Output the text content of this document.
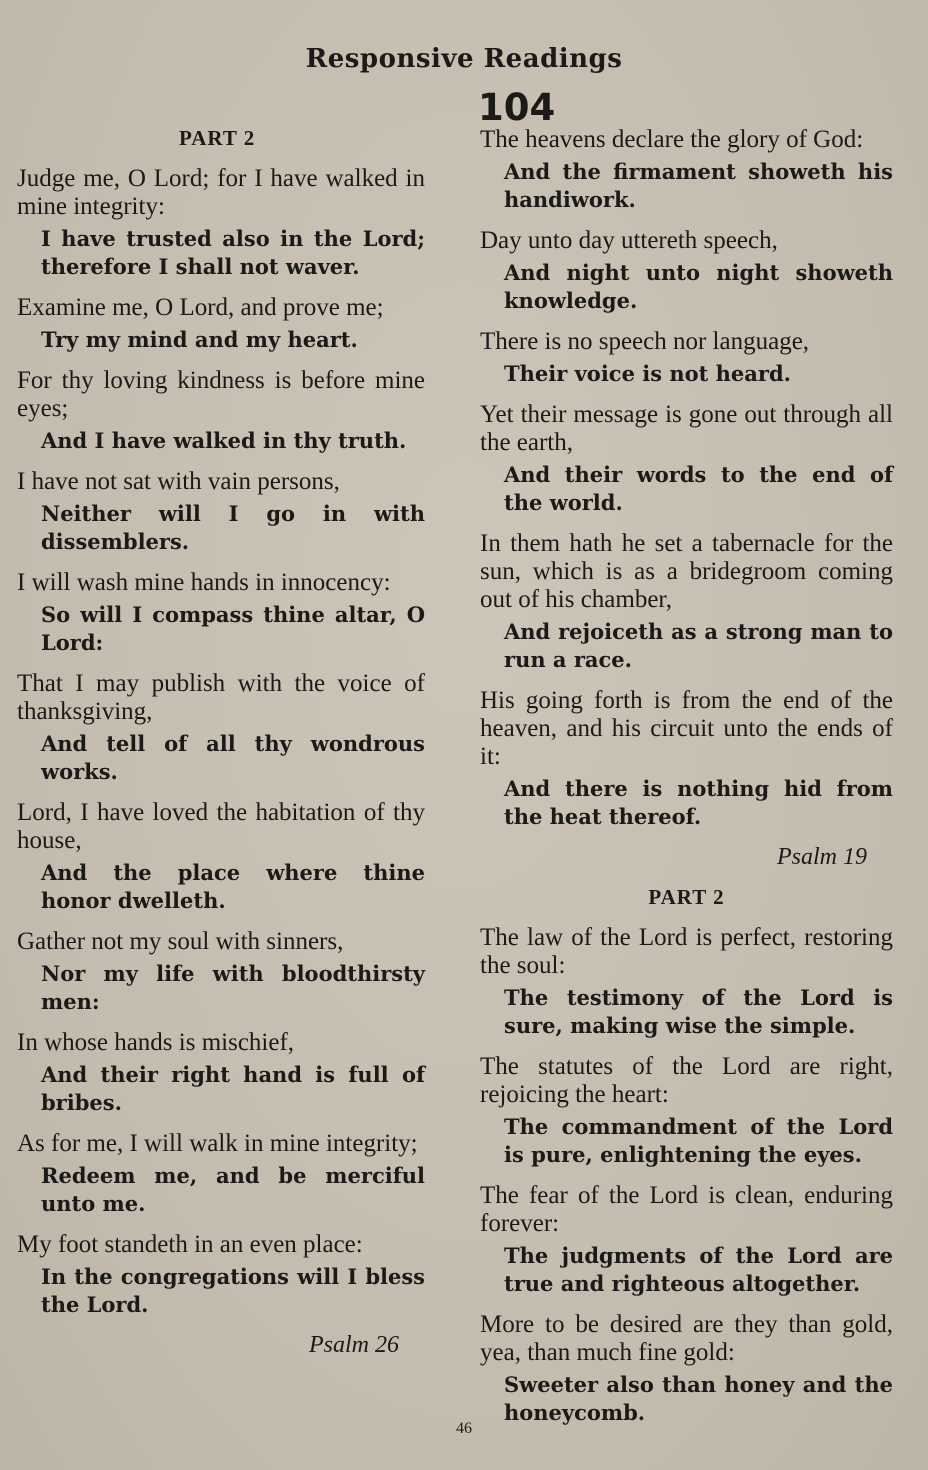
Responsive Readings
104

PART 2

Judge me, O Lord; for I have walked in mine integrity:

I have trusted also in the Lord; therefore I shall not waver.

Examine me, O Lord, and prove me;

Try my mind and my heart.

For thy loving kindness is before mine eyes;

And I have walked in thy truth.

I have not sat with vain persons,

Neither will I go in with dissemblers.

I will wash mine hands in innocency:

So will I compass thine altar, O Lord:

That I may publish with the voice of thanksgiving,

And tell of all thy wondrous works.

Lord, I have loved the habitation of thy house,

And the place where thine honor dwelleth.

Gather not my soul with sinners,

Nor my life with bloodthirsty men:

In whose hands is mischief,

And their right hand is full of bribes.

As for me, I will walk in mine integrity;

Redeem me, and be merciful unto me.

My foot standeth in an even place:

In the congregations will I bless the Lord.

Psalm 26

The heavens declare the glory of God:

And the firmament showeth his handiwork.

Day unto day uttereth speech,

And night unto night showeth knowledge.

There is no speech nor language,

Their voice is not heard.

Yet their message is gone out through all the earth,

And their words to the end of the world.

In them hath he set a tabernacle for the sun, which is as a bridegroom coming out of his chamber,

And rejoiceth as a strong man to run a race.

His going forth is from the end of the heaven, and his circuit unto the ends of it:

And there is nothing hid from the heat thereof.

Psalm 19

PART 2

The law of the Lord is perfect, restoring the soul:

The testimony of the Lord is sure, making wise the simple.

The statutes of the Lord are right, rejoicing the heart:

The commandment of the Lord is pure, enlightening the eyes.

The fear of the Lord is clean, enduring forever:

The judgments of the Lord are true and righteous altogether.

More to be desired are they than gold, yea, than much fine gold:

Sweeter also than honey and the honeycomb.

46
